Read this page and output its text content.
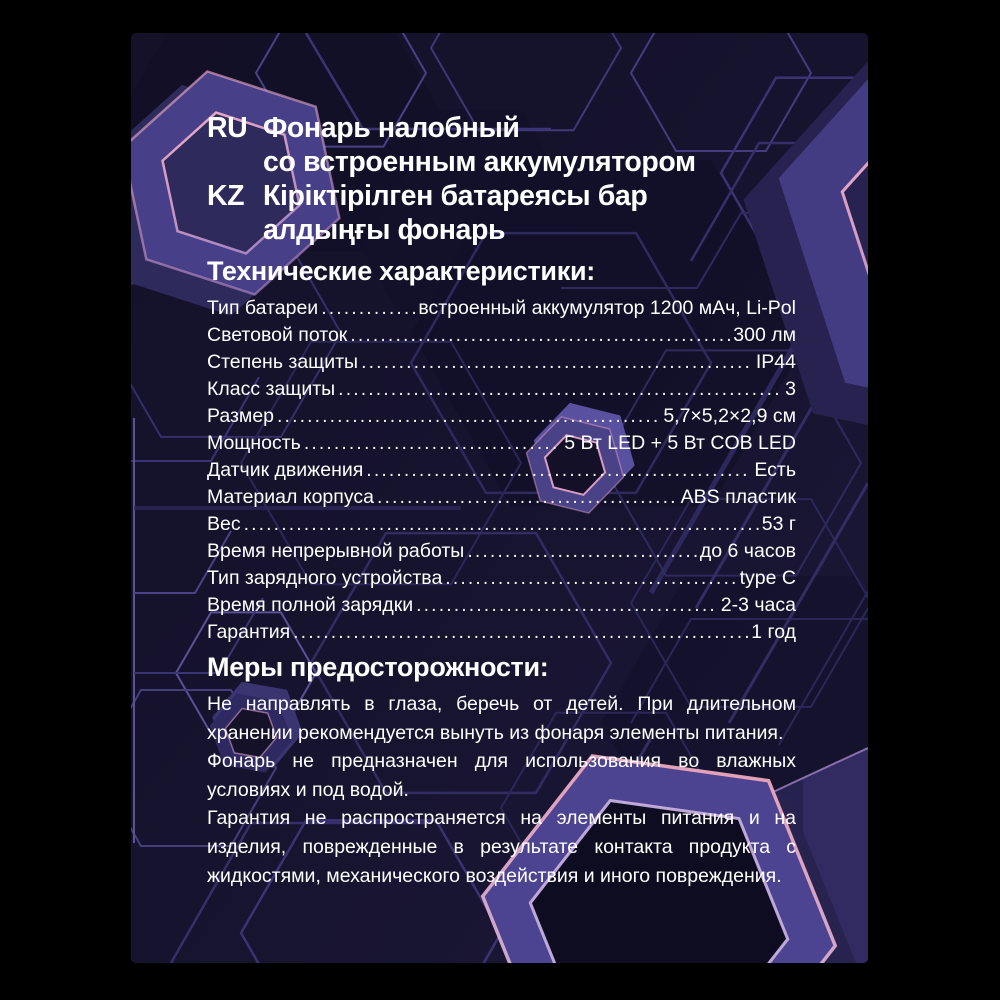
RU Фонарь налобный
со встроенным аккумулятором
KZ Кіріктірілген батареясы бар
алдыңғы фонарь
Технические характеристики:
Тип батареи .....	встроенный аккумулятор 1200 мАч, Li-Pol
Световой поток .....	300 лм
Степень защиты .....	IP44
Класс защиты .....	3
Размер .....	5,7×5,2×2,9 см
Мощность .....	5 Вт LED + 5 Вт COB LED
Датчик движения .....	Есть
Материал корпуса .....	ABS пластик
Вес .....	53 г
Время непрерывной работы .....	до 6 часов
Тип зарядного устройства .....	type C
Время полной зарядки .....	2-3 часа
Гарантия .....	1 год
Меры предосторожности:

Не направлять в глаза, беречь от детей. При длительном хранении рекомендуется вынуть из фонаря элементы питания.

Фонарь не предназначен для использования во влажных условиях и под водой.

Гарантия не распространяется на элементы питания и на изделия, поврежденные в результате контакта продукта с жидкостями, механического воздействия и иного повреждения.
